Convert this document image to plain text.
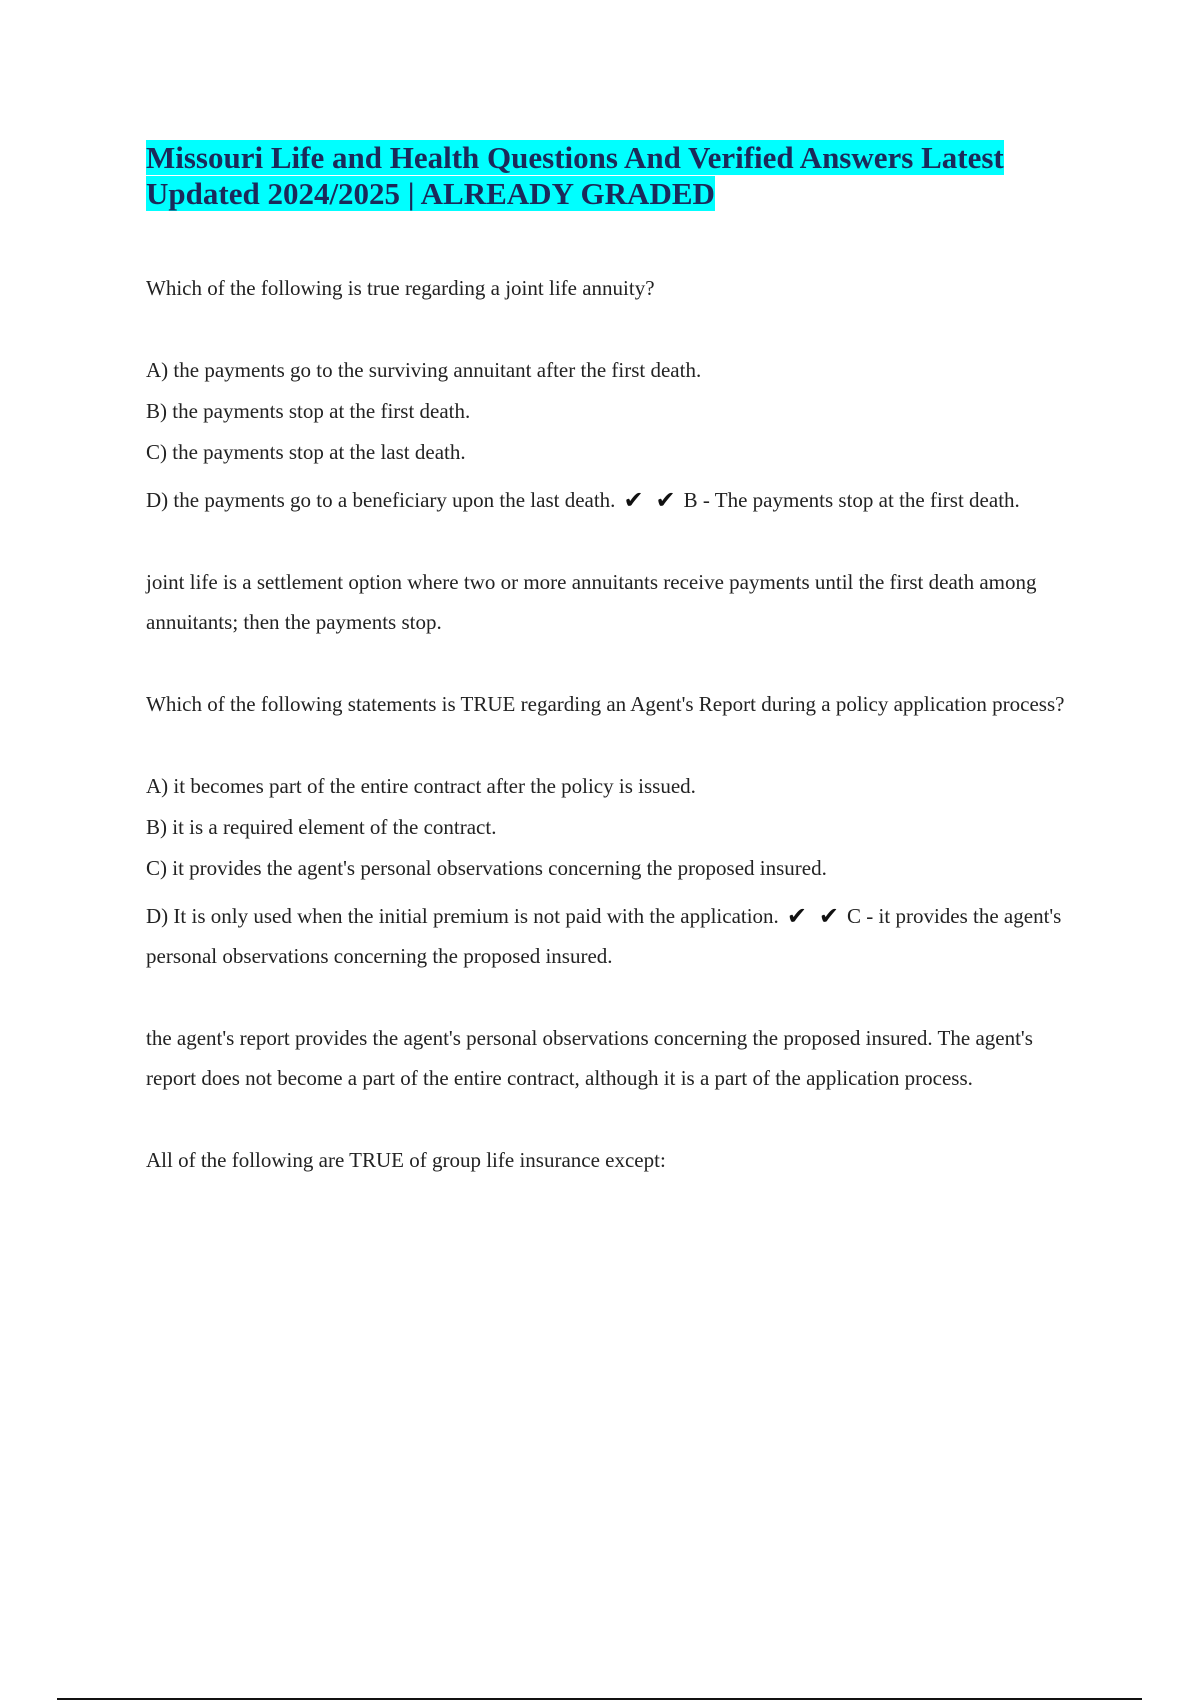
Missouri Life and Health Questions And Verified Answers Latest
Updated 2024/2025 | ALREADY GRADED

Which of the following is true regarding a joint life annuity?

A) the payments go to the surviving annuitant after the first death.

B) the payments stop at the first death.

C) the payments stop at the last death.

D) the payments go to a beneficiary upon the last death. ✔ ✔ B - The payments stop at the first death.

joint life is a settlement option where two or more annuitants receive payments until the first death among annuitants; then the payments stop.

Which of the following statements is TRUE regarding an Agent's Report during a policy application process?

A) it becomes part of the entire contract after the policy is issued.

B) it is a required element of the contract.

C) it provides the agent's personal observations concerning the proposed insured.

D) It is only used when the initial premium is not paid with the application. ✔ ✔ C - it provides the agent's personal observations concerning the proposed insured.

the agent's report provides the agent's personal observations concerning the proposed insured. The agent's report does not become a part of the entire contract, although it is a part of the application process.

All of the following are TRUE of group life insurance except:
